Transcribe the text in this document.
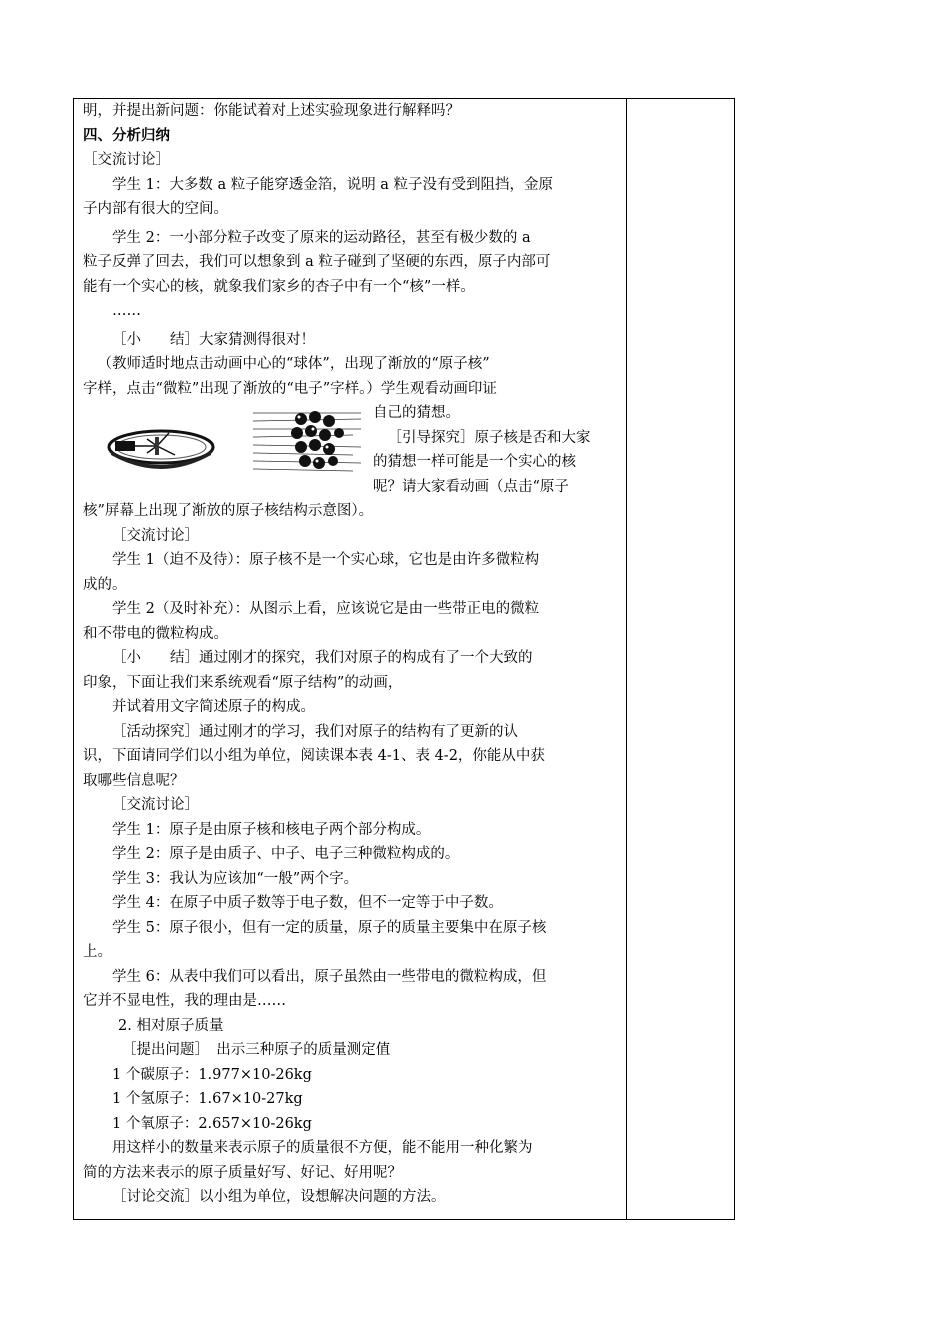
明，并提出新问题：你能试着对上述实验现象进行解释吗？

四、分析归纳

［交流讨论］

学生 1：大多数 a 粒子能穿透金箔，说明 a 粒子没有受到阻挡，金原

子内部有很大的空间。

学生 2：一小部分粒子改变了原来的运动路径，甚至有极少数的 a

粒子反弹了回去，我们可以想象到 a 粒子碰到了坚硬的东西，原子内部可

能有一个实心的核，就象我们家乡的杏子中有一个“核”一样。

……

［小　　结］大家猜测得很对！

（教师适时地点击动画中心的“球体”，出现了渐放的“原子核”

字样，点击“微粒”出现了渐放的“电子”字样。）学生观看动画印证

自己的猜想。

［引导探究］原子核是否和大家

的猜想一样可能是一个实心的核

呢？请大家看动画（点击“原子

核”屏幕上出现了渐放的原子核结构示意图）。

［交流讨论］

学生 1（迫不及待）：原子核不是一个实心球，它也是由许多微粒构

成的。

学生 2（及时补充）：从图示上看，应该说它是由一些带正电的微粒

和不带电的微粒构成。

［小　　结］通过刚才的探究，我们对原子的构成有了一个大致的

印象，下面让我们来系统观看“原子结构”的动画，

并试着用文字简述原子的构成。

［活动探究］通过刚才的学习，我们对原子的结构有了更新的认

识，下面请同学们以小组为单位，阅读课本表 4-1、表 4-2，你能从中获

取哪些信息呢？

［交流讨论］

学生 1：原子是由原子核和核电子两个部分构成。

学生 2：原子是由质子、中子、电子三种微粒构成的。

学生 3：我认为应该加“一般”两个字。

学生 4：在原子中质子数等于电子数，但不一定等于中子数。

学生 5：原子很小，但有一定的质量，原子的质量主要集中在原子核

上。

学生 6：从表中我们可以看出，原子虽然由一些带电的微粒构成，但

它并不显电性，我的理由是……

2. 相对原子质量

［提出问题］　出示三种原子的质量测定值

1 个碳原子：1.977×10-26kg

1 个氢原子：1.67×10-27kg

1 个氧原子：2.657×10-26kg

用这样小的数量来表示原子的质量很不方便，能不能用一种化繁为

简的方法来表示的原子质量好写、好记、好用呢？

［讨论交流］以小组为单位，设想解决问题的方法。
